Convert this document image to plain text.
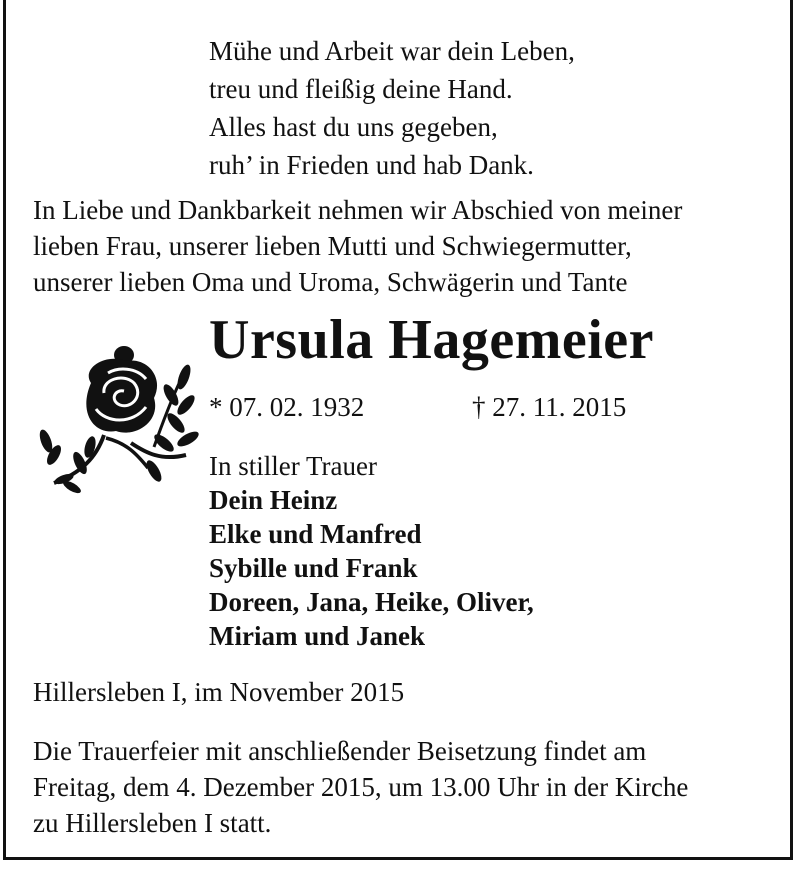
Mühe und Arbeit war dein Leben,
treu und fleißig deine Hand.
Alles hast du uns gegeben,
ruh’ in Frieden und hab Dank.
In Liebe und Dankbarkeit nehmen wir Abschied von meiner
lieben Frau, unserer lieben Mutti und Schwiegermutter,
unserer lieben Oma und Uroma, Schwägerin und Tante
Ursula Hagemeier
* 07. 02. 1932	† 27. 11. 2015
In stiller Trauer
Dein Heinz
Elke und Manfred
Sybille und Frank
Doreen, Jana, Heike, Oliver,
Miriam und Janek
Hillersleben I, im November 2015
Die Trauerfeier mit anschließender Beisetzung findet am
Freitag, dem 4. Dezember 2015, um 13.00 Uhr in der Kirche
zu Hillersleben I statt.
